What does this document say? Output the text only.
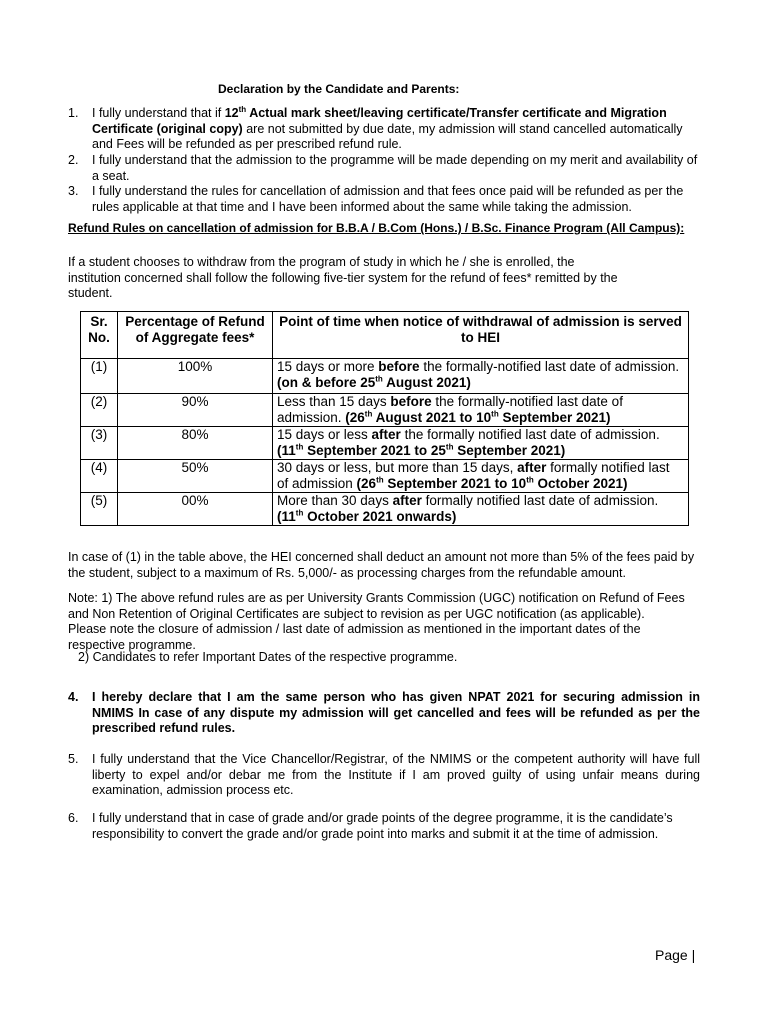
Declaration by the Candidate and Parents:
1.	I fully understand that if 12th Actual mark sheet/leaving certificate/Transfer certificate and Migration Certificate (original copy) are not submitted by due date, my admission will stand cancelled automatically and Fees will be refunded as per prescribed refund rule.
2.	I fully understand that the admission to the programme will be made depending on my merit and availability of a seat.
3.	I fully understand the rules for cancellation of admission and that fees once paid will be refunded as per the rules applicable at that time and I have been informed about the same while taking the admission.
Refund Rules on cancellation of admission for B.B.A / B.Com (Hons.) / B.Sc. Finance Program (All Campus):
If a student chooses to withdraw from the program of study in which he / she is enrolled, the
institution concerned shall follow the following five-tier system for the refund of fees* remitted by the
student.
Sr. No.	Percentage of Refund of Aggregate fees*	Point of time when notice of withdrawal of admission is served to HEI
(1)	100%	15 days or more before the formally-notified last date of admission. (on & before 25th August 2021)
(2)	90%	Less than 15 days before the formally-notified last date of admission. (26th August 2021 to 10th September 2021)
(3)	80%	15 days or less after the formally notified last date of admission. (11th September 2021 to 25th September 2021)
(4)	50%	30 days or less, but more than 15 days, after formally notified last of admission (26th September 2021 to 10th October 2021)
(5)	00%	More than 30 days after formally notified last date of admission. (11th October 2021 onwards)
In case of (1) in the table above, the HEI concerned shall deduct an amount not more than 5% of the fees paid by the student, subject to a maximum of Rs. 5,000/- as processing charges from the refundable amount.
Note: 1) The above refund rules are as per University Grants Commission (UGC) notification on Refund of Fees
and Non Retention of Original Certificates are subject to revision as per UGC notification (as applicable).
Please note the closure of admission / last date of admission as mentioned in the important dates of the
respective programme.
2) Candidates to refer Important Dates of the respective programme.
4.	I hereby declare that I am the same person who has given NPAT 2021 for securing admission in NMIMS In case of any dispute my admission will get cancelled and fees will be refunded as per the prescribed refund rules.
5.	I fully understand that the Vice Chancellor/Registrar, of the NMIMS or the competent authority will have full liberty to expel and/or debar me from the Institute if I am proved guilty of using unfair means during examination, admission process etc.
6.	I fully understand that in case of grade and/or grade points of the degree programme, it is the candidate’s responsibility to convert the grade and/or grade point into marks and submit it at the time of admission.
Page |
